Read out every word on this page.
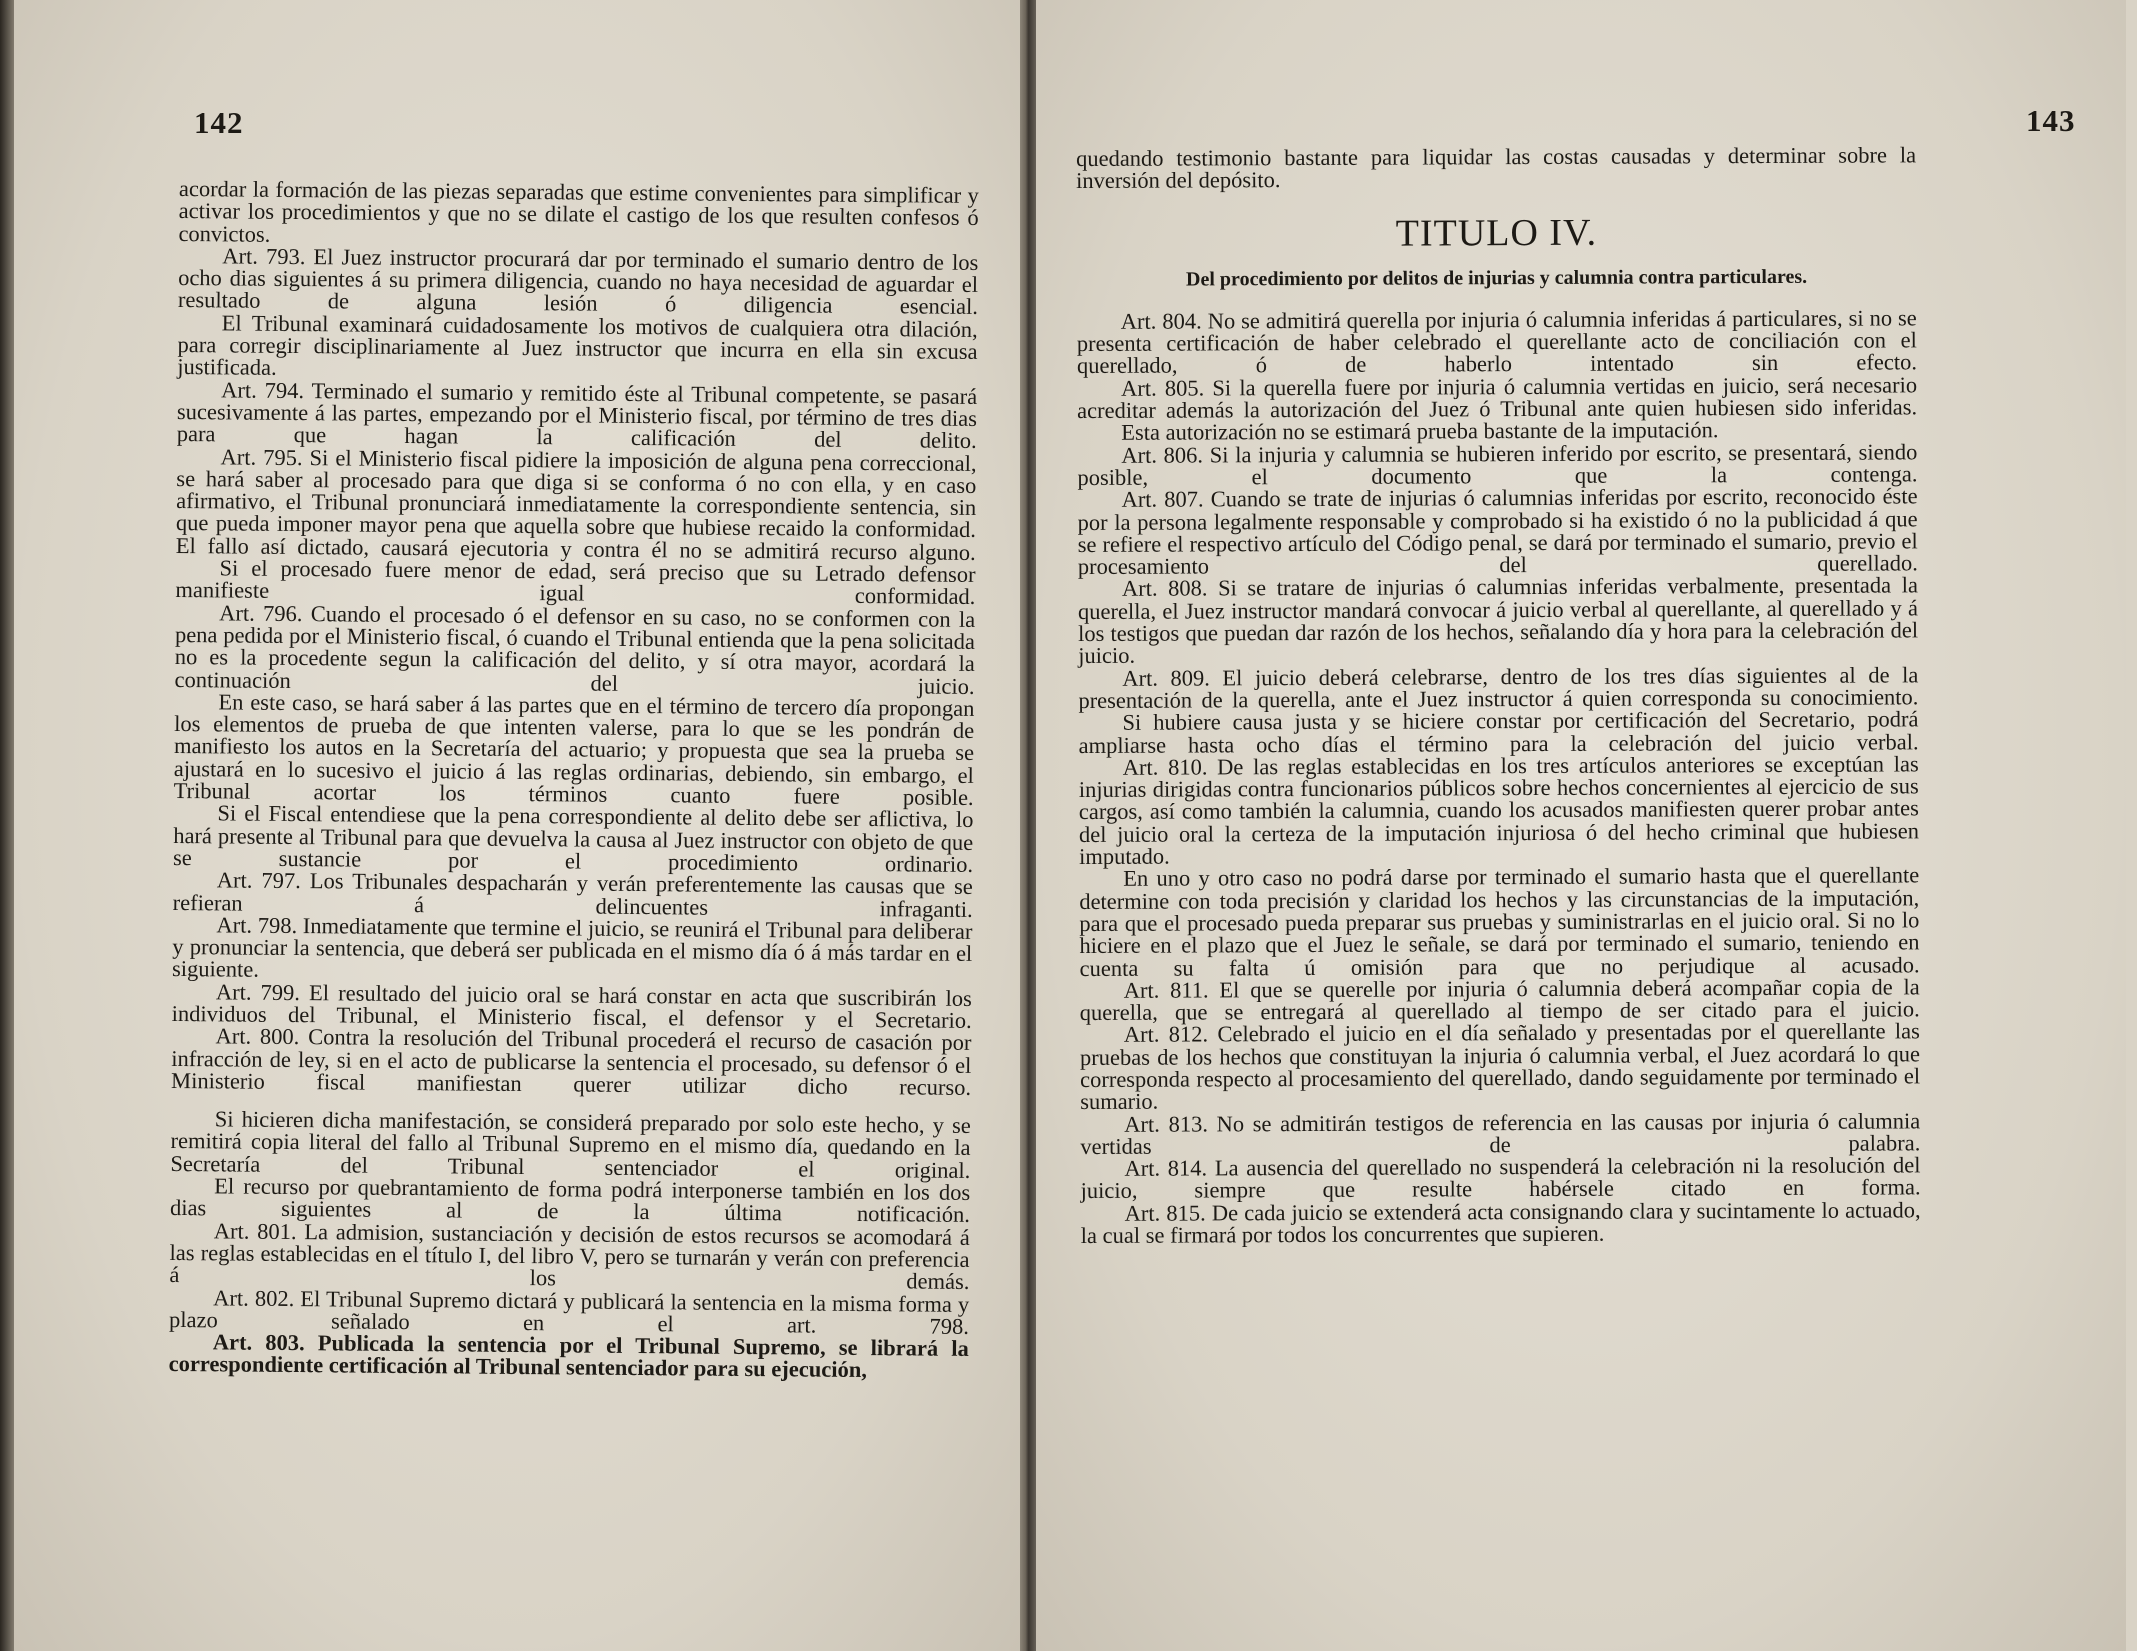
142

acordar la formación de las piezas separadas que estime convenientes para simplificar y activar los procedimientos y que no se dilate el castigo de los que resulten confesos ó convictos.

Art. 793. El Juez instructor procurará dar por terminado el sumario dentro de los ocho dias siguientes á su primera diligencia, cuando no haya necesidad de aguardar el resultado de alguna lesión ó diligencia esencial.

El Tribunal examinará cuidadosamente los motivos de cualquiera otra dilación, para corregir disciplinariamente al Juez instructor que incurra en ella sin excusa justificada.

Art. 794. Terminado el sumario y remitido éste al Tribunal competente, se pasará sucesivamente á las partes, empezando por el Ministerio fiscal, por término de tres dias para que hagan la calificación del delito.

Art. 795. Si el Ministerio fiscal pidiere la imposición de alguna pena correccional, se hará saber al procesado para que diga si se conforma ó no con ella, y en caso afirmativo, el Tribunal pronunciará inmediatamente la correspondiente sentencia, sin que pueda imponer mayor pena que aquella sobre que hubiese recaido la conformidad. El fallo así dictado, causará ejecutoria y contra él no se admitirá recurso alguno.

Si el procesado fuere menor de edad, será preciso que su Letrado defensor manifieste igual conformidad.

Art. 796. Cuando el procesado ó el defensor en su caso, no se conformen con la pena pedida por el Ministerio fiscal, ó cuando el Tribunal entienda que la pena solicitada no es la procedente segun la calificación del delito, y sí otra mayor, acordará la continuación del juicio.

En este caso, se hará saber á las partes que en el término de tercero día propongan los elementos de prueba de que intenten valerse, para lo que se les pondrán de manifiesto los autos en la Secretaría del actuario; y propuesta que sea la prueba se ajustará en lo sucesivo el juicio á las reglas ordinarias, debiendo, sin embargo, el Tribunal acortar los términos cuanto fuere posible.

Si el Fiscal entendiese que la pena correspondiente al delito debe ser aflictiva, lo hará presente al Tribunal para que devuelva la causa al Juez instructor con objeto de que se sustancie por el procedimiento ordinario.

Art. 797. Los Tribunales despacharán y verán preferentemente las causas que se refieran á delincuentes infraganti.

Art. 798. Inmediatamente que termine el juicio, se reunirá el Tribunal para deliberar y pronunciar la sentencia, que deberá ser publicada en el mismo día ó á más tardar en el siguiente.

Art. 799. El resultado del juicio oral se hará constar en acta que suscribirán los individuos del Tribunal, el Ministerio fiscal, el defensor y el Secretario.

Art. 800. Contra la resolución del Tribunal procederá el recurso de casación por infracción de ley, si en el acto de publicarse la sentencia el procesado, su defensor ó el Ministerio fiscal manifiestan querer utilizar dicho recurso.

Si hicieren dicha manifestación, se considerá preparado por solo este hecho, y se remitirá copia literal del fallo al Tribunal Supremo en el mismo día, quedando en la Secretaría del Tribunal sentenciador el original.

El recurso por quebrantamiento de forma podrá interponerse también en los dos dias siguientes al de la última notificación.

Art. 801. La admision, sustanciación y decisión de estos recursos se acomodará á las reglas establecidas en el título I, del libro V, pero se turnarán y verán con preferencia á los demás.

Art. 802. El Tribunal Supremo dictará y publicará la sentencia en la misma forma y plazo señalado en el art. 798.

Art. 803. Publicada la sentencia por el Tribunal Supremo, se librará la correspondiente certificación al Tribunal sentenciador para su ejecución,

143

quedando testimonio bastante para liquidar las costas causadas y determinar sobre la inversión del depósito.

TITULO IV.

Del procedimiento por delitos de injurias y calumnia contra particulares.

Art. 804. No se admitirá querella por injuria ó calumnia inferidas á particulares, si no se presenta certificación de haber celebrado el querellante acto de conciliación con el querellado, ó de haberlo intentado sin efecto.

Art. 805. Si la querella fuere por injuria ó calumnia vertidas en juicio, será necesario acreditar además la autorización del Juez ó Tribunal ante quien hubiesen sido inferidas.

Esta autorización no se estimará prueba bastante de la imputación.

Art. 806. Si la injuria y calumnia se hubieren inferido por escrito, se presentará, siendo posible, el documento que la contenga.

Art. 807. Cuando se trate de injurias ó calumnias inferidas por escrito, reconocido éste por la persona legalmente responsable y comprobado si ha existido ó no la publicidad á que se refiere el respectivo artículo del Código penal, se dará por terminado el sumario, previo el procesamiento del querellado.

Art. 808. Si se tratare de injurias ó calumnias inferidas verbalmente, presentada la querella, el Juez instructor mandará convocar á juicio verbal al querellante, al querellado y á los testigos que puedan dar razón de los hechos, señalando día y hora para la celebración del juicio.

Art. 809. El juicio deberá celebrarse, dentro de los tres días siguientes al de la presentación de la querella, ante el Juez instructor á quien corresponda su conocimiento.

Si hubiere causa justa y se hiciere constar por certificación del Secretario, podrá ampliarse hasta ocho días el término para la celebración del juicio verbal.

Art. 810. De las reglas establecidas en los tres artículos anteriores se exceptúan las injurias dirigidas contra funcionarios públicos sobre hechos concernientes al ejercicio de sus cargos, así como también la calumnia, cuando los acusados manifiesten querer probar antes del juicio oral la certeza de la imputación injuriosa ó del hecho criminal que hubiesen imputado.

En uno y otro caso no podrá darse por terminado el sumario hasta que el querellante determine con toda precisión y claridad los hechos y las circunstancias de la imputación, para que el procesado pueda preparar sus pruebas y suministrarlas en el juicio oral. Si no lo hiciere en el plazo que el Juez le señale, se dará por terminado el sumario, teniendo en cuenta su falta ú omisión para que no perjudique al acusado.

Art. 811. El que se querelle por injuria ó calumnia deberá acompañar copia de la querella, que se entregará al querellado al tiempo de ser citado para el juicio.

Art. 812. Celebrado el juicio en el día señalado y presentadas por el querellante las pruebas de los hechos que constituyan la injuria ó calumnia verbal, el Juez acordará lo que corresponda respecto al procesamiento del querellado, dando seguidamente por terminado el sumario.

Art. 813. No se admitirán testigos de referencia en las causas por injuria ó calumnia vertidas de palabra.

Art. 814. La ausencia del querellado no suspenderá la celebración ni la resolución del juicio, siempre que resulte habérsele citado en forma.

Art. 815. De cada juicio se extenderá acta consignando clara y sucintamente lo actuado, la cual se firmará por todos los concurrentes que supieren.
